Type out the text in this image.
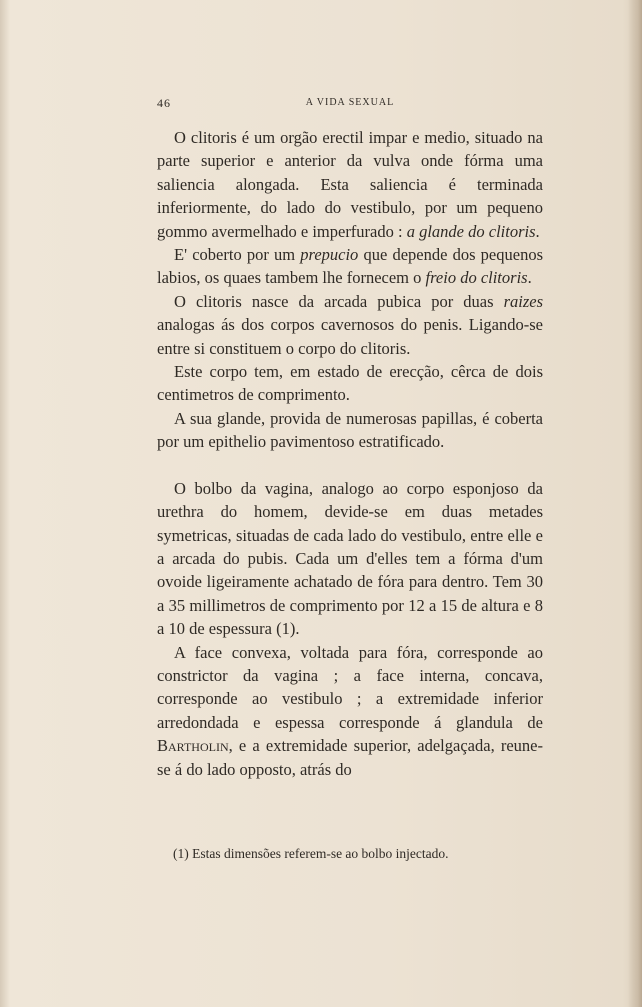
46	A VIDA SEXUAL

O clitoris é um orgão erectil impar e medio, situado na parte superior e anterior da vulva onde fórma uma saliencia alongada. Esta saliencia é terminada inferiormente, do lado do vestibulo, por um pequeno gommo avermelhado e imperfurado : a glande do clitoris.

E' coberto por um prepucio que depende dos pequenos labios, os quaes tambem lhe fornecem o freio do clitoris.

O clitoris nasce da arcada pubica por duas raizes analogas ás dos corpos cavernosos do penis. Ligando-se entre si constituem o corpo do clitoris.

Este corpo tem, em estado de erecção, cêrca de dois centimetros de comprimento.

A sua glande, provida de numerosas papillas, é coberta por um epithelio pavimentoso estratificado.

O bolbo da vagina, analogo ao corpo esponjoso da urethra do homem, devide-se em duas metades symetricas, situadas de cada lado do vestibulo, entre elle e a arcada do pubis. Cada um d'elles tem a fórma d'um ovoide ligeiramente achatado de fóra para dentro. Tem 30 a 35 millimetros de comprimento por 12 a 15 de altura e 8 a 10 de espessura (1).

A face convexa, voltada para fóra, corresponde ao constrictor da vagina ; a face interna, concava, corresponde ao vestibulo ; a extremidade inferior arredondada e espessa corresponde á glandula de Bartholin, e a extremidade superior, adelgaçada, reune-se á do lado opposto, atrás do

(1) Estas dimensões referem-se ao bolbo injectado.
